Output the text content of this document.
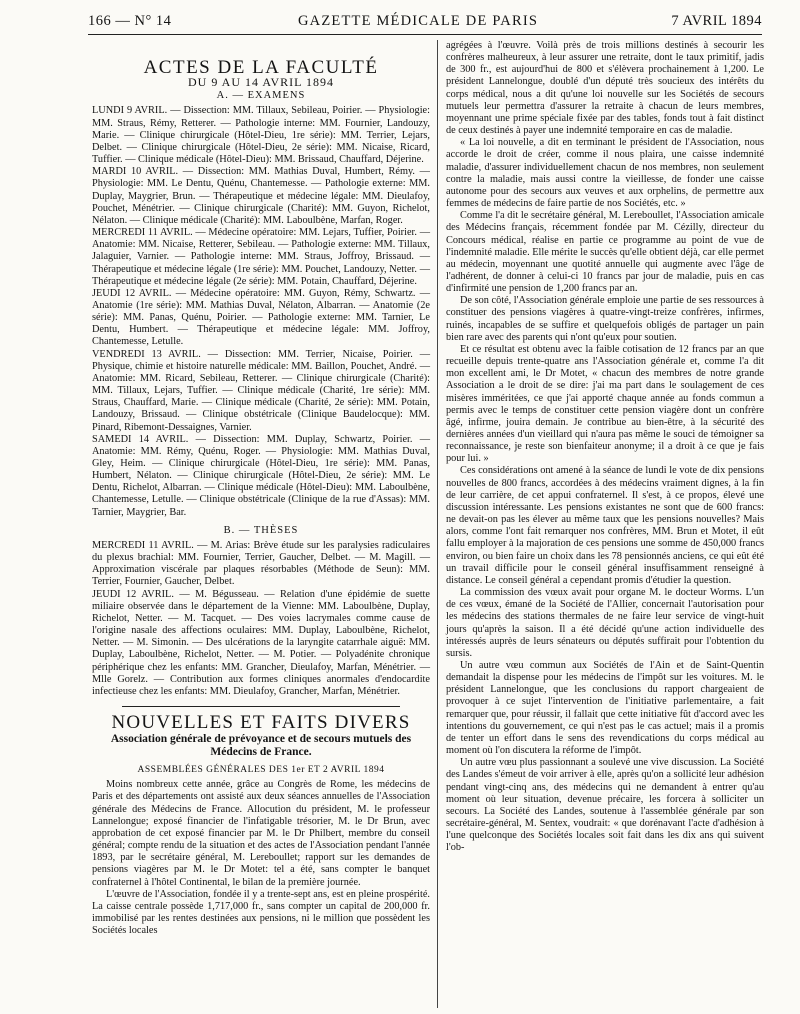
166 — N° 14	GAZETTE MÉDICALE DE PARIS	7 AVRIL 1894
ACTES DE LA FACULTÉ
DU 9 AU 14 AVRIL 1894
A. — EXAMENS

LUNDI 9 AVRIL. — Dissection: MM. Tillaux, Sebileau, Poirier. — Physiologie: MM. Straus, Rémy, Retterer. — Pathologie interne: MM. Fournier, Landouzy, Marie. — Clinique chirurgicale (Hôtel-Dieu, 1re série): MM. Terrier, Lejars, Delbet. — Clinique chirurgicale (Hôtel-Dieu, 2e série): MM. Nicaise, Ricard, Tuffier. — Clinique médicale (Hôtel-Dieu): MM. Brissaud, Chauffard, Déjerine.

MARDI 10 AVRIL. — Dissection: MM. Mathias Duval, Humbert, Rémy. — Physiologie: MM. Le Dentu, Quénu, Chantemesse. — Pathologie externe: MM. Duplay, Maygrier, Brun. — Thérapeutique et médecine légale: MM. Dieulafoy, Pouchet, Ménétrier. — Clinique chirurgicale (Charité): MM. Guyon, Richelot, Nélaton. — Clinique médicale (Charité): MM. Laboulbène, Marfan, Roger.

MERCREDI 11 AVRIL. — Médecine opératoire: MM. Lejars, Tuffier, Poirier. — Anatomie: MM. Nicaise, Retterer, Sebileau. — Pathologie externe: MM. Tillaux, Jalaguier, Varnier. — Pathologie interne: MM. Straus, Joffroy, Brissaud. — Thérapeutique et médecine légale (1re série): MM. Pouchet, Landouzy, Netter. — Thérapeutique et médecine légale (2e série): MM. Potain, Chauffard, Déjerine.

JEUDI 12 AVRIL. — Médecine opératoire: MM. Guyon, Rémy, Schwartz. — Anatomie (1re série): MM. Mathias Duval, Nélaton, Albarran. — Anatomie (2e série): MM. Panas, Quénu, Poirier. — Pathologie externe: MM. Tarnier, Le Dentu, Humbert. — Thérapeutique et médecine légale: MM. Joffroy, Chantemesse, Letulle.

VENDREDI 13 AVRIL. — Dissection: MM. Terrier, Nicaise, Poirier. — Physique, chimie et histoire naturelle médicale: MM. Baillon, Pouchet, André. — Anatomie: MM. Ricard, Sebileau, Retterer. — Clinique chirurgicale (Charité): MM. Tillaux, Lejars, Tuffier. — Clinique médicale (Charité, 1re série): MM. Straus, Chauffard, Marie. — Clinique médicale (Charité, 2e série): MM. Potain, Landouzy, Brissaud. — Clinique obstétricale (Clinique Baudelocque): MM. Pinard, Ribemont-Dessaignes, Varnier.

SAMEDI 14 AVRIL. — Dissection: MM. Duplay, Schwartz, Poirier. — Anatomie: MM. Rémy, Quénu, Roger. — Physiologie: MM. Mathias Duval, Gley, Heim. — Clinique chirurgicale (Hôtel-Dieu, 1re série): MM. Panas, Humbert, Nélaton. — Clinique chirurgicale (Hôtel-Dieu, 2e série): MM. Le Dentu, Richelot, Albarran. — Clinique médicale (Hôtel-Dieu): MM. Laboulbène, Chantemesse, Letulle. — Clinique obstétricale (Clinique de la rue d'Assas): MM. Tarnier, Maygrier, Bar.

B. — THÈSES

MERCREDI 11 AVRIL. — M. Arias: Brève étude sur les paralysies radiculaires du plexus brachial: MM. Fournier, Terrier, Gaucher, Delbet. — M. Magill. — Approximation viscérale par plaques résorbables (Méthode de Seun): MM. Terrier, Fournier, Gaucher, Delbet.

JEUDI 12 AVRIL. — M. Bégusseau. — Relation d'une épidémie de suette miliaire observée dans le département de la Vienne: MM. Laboulbène, Duplay, Richelot, Netter. — M. Tacquet. — Des voies lacrymales comme cause de l'origine nasale des affections oculaires: MM. Duplay, Laboulbène, Richelot, Netter. — M. Simonin. — Des ulcérations de la laryngite catarrhale aiguë: MM. Duplay, Laboulbène, Richelot, Netter. — M. Potier. — Polyadénite chronique périphérique chez les enfants: MM. Grancher, Dieulafoy, Marfan, Ménétrier. — Mlle Gorelz. — Contribution aux formes cliniques anormales d'endocardite infectieuse chez les enfants: MM. Dieulafoy, Grancher, Marfan, Ménétrier.

NOUVELLES ET FAITS DIVERS
Association générale de prévoyance et de secours mutuels des Médecins de France.
ASSEMBLÉES GÉNÉRALES DES 1er ET 2 AVRIL 1894

Moins nombreux cette année, grâce au Congrès de Rome, les médecins de Paris et des départements ont assisté aux deux séances annuelles de l'Association générale des Médecins de France. Allocution du président, M. le professeur Lannelongue; exposé financier de l'infatigable trésorier, M. le Dr Brun, avec approbation de cet exposé financier par M. le Dr Philbert, membre du conseil général; compte rendu de la situation et des actes de l'Association pendant l'année 1893, par le secrétaire général, M. Lereboullet; rapport sur les demandes de pensions viagères par M. le Dr Motet: tel a été, sans compter le banquet confraternel à l'hôtel Continental, le bilan de la première journée.

L'œuvre de l'Association, fondée il y a trente-sept ans, est en pleine prospérité. La caisse centrale possède 1,717,000 fr., sans compter un capital de 200,000 fr. immobilisé par les rentes destinées aux pensions, ni le million que possèdent les Sociétés locales

agrégées à l'œuvre. Voilà près de trois millions destinés à secourir les confrères malheureux, à leur assurer une retraite, dont le taux primitif, jadis de 300 fr., est aujourd'hui de 800 et s'élèvera prochainement à 1,200. Le président Lannelongue, doublé d'un député très soucieux des intérêts du corps médical, nous a dit qu'une loi nouvelle sur les Sociétés de secours mutuels leur permettra d'assurer la retraite à chacun de leurs membres, moyennant une prime spéciale fixée par des tables, fonds tout à fait distinct de ceux destinés à payer une indemnité temporaire en cas de maladie.

« La loi nouvelle, a dit en terminant le président de l'Association, nous accorde le droit de créer, comme il nous plaira, une caisse indemnité maladie, d'assurer individuellement chacun de nos membres, non seulement contre la maladie, mais aussi contre la vieillesse, de fonder une caisse autonome pour des secours aux veuves et aux orphelins, de permettre aux femmes de médecins de faire partie de nos Sociétés, etc. »

Comme l'a dit le secrétaire général, M. Lereboullet, l'Association amicale des Médecins français, récemment fondée par M. Cézilly, directeur du Concours médical, réalise en partie ce programme au point de vue de l'indemnité maladie. Elle mérite le succès qu'elle obtient déjà, car elle permet au médecin, moyennant une quotité annuelle qui augmente avec l'âge de l'adhérent, de donner à celui-ci 10 francs par jour de maladie, puis en cas d'infirmité une pension de 1,200 francs par an.

De son côté, l'Association générale emploie une partie de ses ressources à constituer des pensions viagères à quatre-vingt-treize confrères, infirmes, ruinés, incapables de se suffire et quelquefois obligés de partager un pain bien rare avec des parents qui n'ont qu'eux pour soutien.

Et ce résultat est obtenu avec la faible cotisation de 12 francs par an que recueille depuis trente-quatre ans l'Association générale et, comme l'a dit mon excellent ami, le Dr Motet, « chacun des membres de notre grande Association a le droit de se dire: j'ai ma part dans le soulagement de ces misères imméritées, ce que j'ai apporté chaque année au fonds commun a permis avec le temps de constituer cette pension viagère dont un confrère âgé, infirme, jouira demain. Je contribue au bien-être, à la sécurité des dernières années d'un vieillard qui n'aura pas même le souci de témoigner sa reconnaissance, je reste son bienfaiteur anonyme; il a droit à ce que je fais pour lui. »

Ces considérations ont amené à la séance de lundi le vote de dix pensions nouvelles de 800 francs, accordées à des médecins vraiment dignes, à la fin de leur carrière, de cet appui confraternel. Il s'est, à ce propos, élevé une discussion intéressante. Les pensions existantes ne sont que de 600 francs: ne devait-on pas les élever au même taux que les pensions nouvelles? Mais alors, comme l'ont fait remarquer nos confrères, MM. Brun et Motet, il eût fallu employer à la majoration de ces pensions une somme de 450,000 francs environ, ou bien faire un choix dans les 78 pensionnés anciens, ce qui eût été un travail difficile pour le conseil général insuffisamment renseigné à distance. Le conseil général a cependant promis d'étudier la question.

La commission des vœux avait pour organe M. le docteur Worms. L'un de ces vœux, émané de la Société de l'Allier, concernait l'autorisation pour les médecins des stations thermales de ne faire leur service de vingt-huit jours qu'après la saison. Il a été décidé qu'une action individuelle des intéressés auprès de leurs sénateurs ou députés suffirait pour l'obtention du sursis.

Un autre vœu commun aux Sociétés de l'Ain et de Saint-Quentin demandait la dispense pour les médecins de l'impôt sur les voitures. M. le président Lannelongue, que les conclusions du rapport chargeaient de provoquer à ce sujet l'intervention de l'initiative parlementaire, a fait remarquer que, pour réussir, il fallait que cette initiative fût d'accord avec les intentions du gouvernement, ce qui n'est pas le cas actuel; mais il a promis de tenter un effort dans le sens des revendications du corps médical au moment où l'on discutera la réforme de l'impôt.

Un autre vœu plus passionnant a soulevé une vive discussion. La Société des Landes s'émeut de voir arriver à elle, après qu'on a sollicité leur adhésion pendant vingt-cinq ans, des médecins qui ne demandent à entrer qu'au moment où leur situation, devenue précaire, les forcera à solliciter un secours. La Société des Landes, soutenue à l'assemblée générale par son secrétaire-général, M. Sentex, voudrait: « que dorénavant l'acte d'adhésion à l'une quelconque des Sociétés locales soit fait dans les dix ans qui suivent l'ob-
